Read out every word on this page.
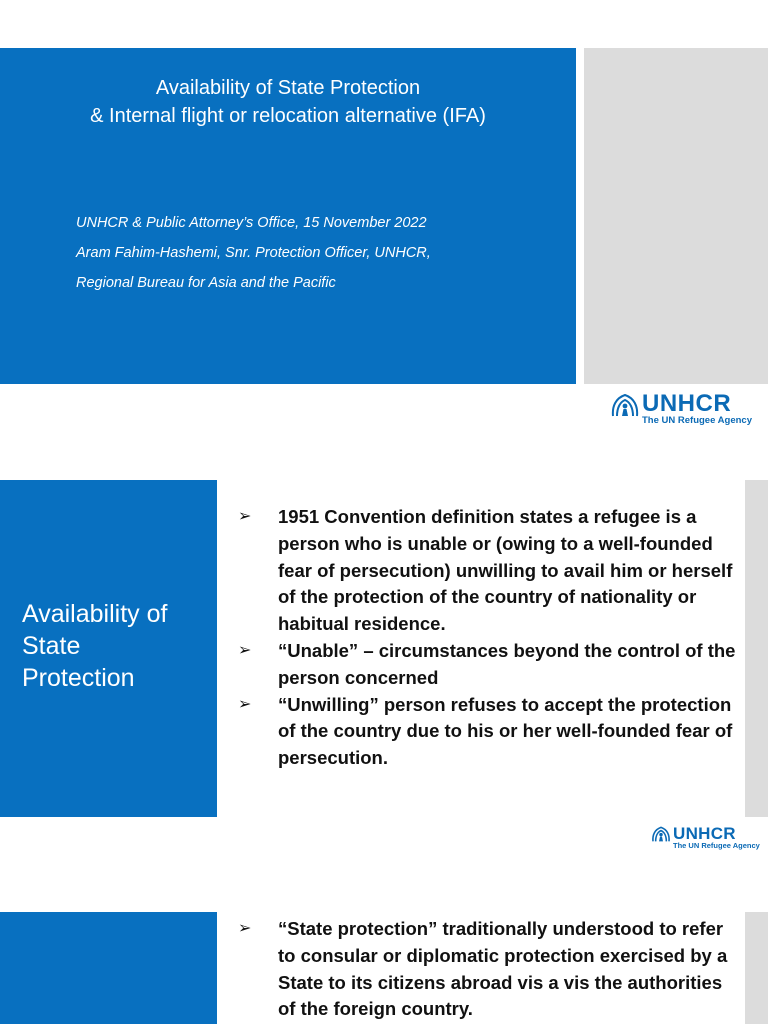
Availability of State Protection
& Internal flight or relocation alternative (IFA)
UNHCR & Public Attorney’s Office, 15 November 2022
Aram Fahim-Hashemi, Snr. Protection Officer, UNHCR,
Regional Bureau for Asia and the Pacific
UNHCR
The UN Refugee Agency
Availability of
State
Protection
➢ 1951 Convention definition states a refugee is a person who is unable or (owing to a well-founded fear of persecution) unwilling to avail him or herself of the protection of the country of nationality or habitual residence.
➢ “Unable” – circumstances beyond the control of the person concerned
➢ “Unwilling” person refuses to accept the protection of the country due to his or her well-founded fear of persecution.
UNHCR
The UN Refugee Agency
➢ “State protection” traditionally understood to refer to consular or diplomatic protection exercised by a State to its citizens abroad vis a vis the authorities of the foreign country.
